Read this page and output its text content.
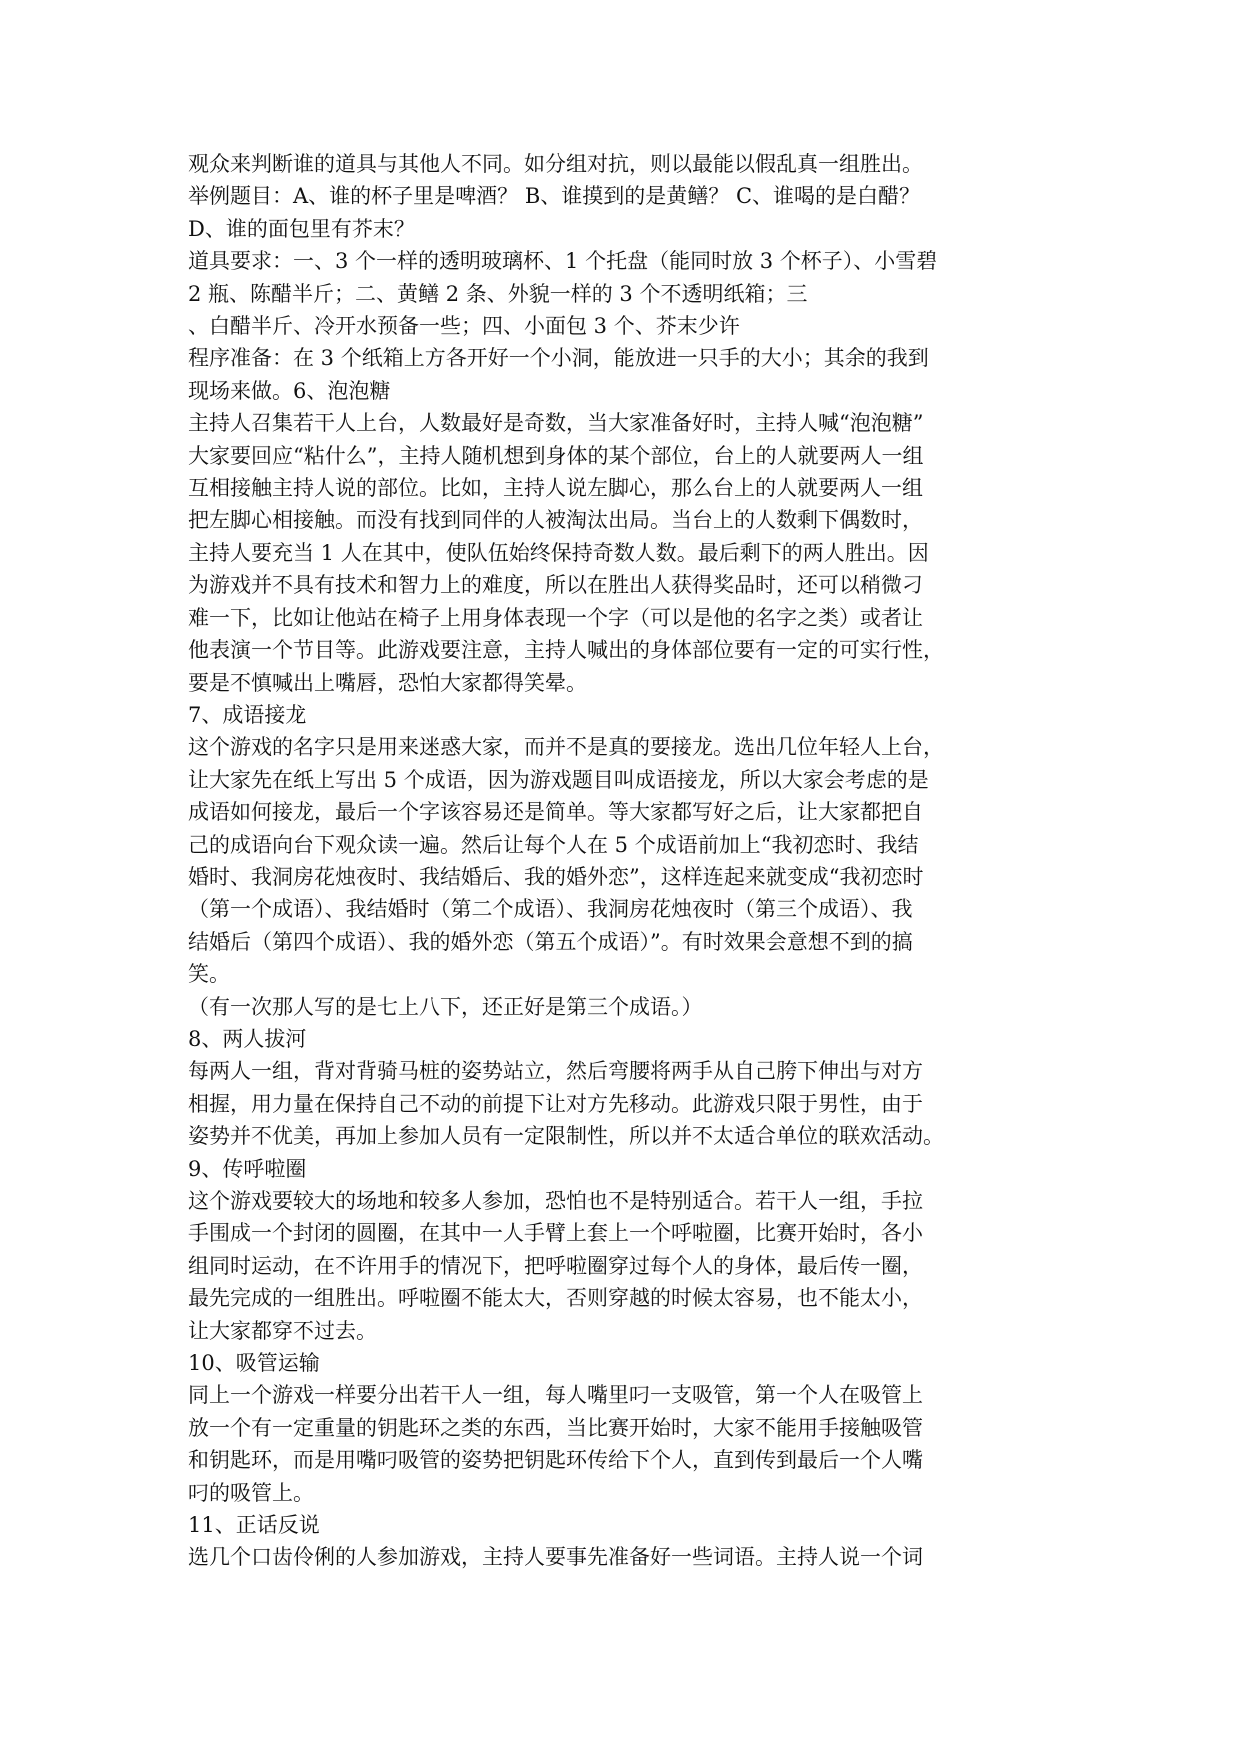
观众来判断谁的道具与其他人不同。如分组对抗，则以最能以假乱真一组胜出。
举例题目：A、谁的杯子里是啤酒？ B、谁摸到的是黄鳝？ C、谁喝的是白醋？
D、谁的面包里有芥末？
道具要求：一、3 个一样的透明玻璃杯、1 个托盘（能同时放 3 个杯子）、小雪碧
2 瓶、陈醋半斤；二、黄鳝 2 条、外貌一样的 3 个不透明纸箱；三
、白醋半斤、冷开水预备一些；四、小面包 3 个、芥末少许
程序准备：在 3 个纸箱上方各开好一个小洞，能放进一只手的大小；其余的我到
现场来做。6、泡泡糖
主持人召集若干人上台，人数最好是奇数，当大家准备好时，主持人喊“泡泡糖”
大家要回应“粘什么”，主持人随机想到身体的某个部位，台上的人就要两人一组
互相接触主持人说的部位。比如，主持人说左脚心，那么台上的人就要两人一组
把左脚心相接触。而没有找到同伴的人被淘汰出局。当台上的人数剩下偶数时，
主持人要充当 1 人在其中，使队伍始终保持奇数人数。最后剩下的两人胜出。因
为游戏并不具有技术和智力上的难度，所以在胜出人获得奖品时，还可以稍微刁
难一下，比如让他站在椅子上用身体表现一个字（可以是他的名字之类）或者让
他表演一个节目等。此游戏要注意，主持人喊出的身体部位要有一定的可实行性，
要是不慎喊出上嘴唇，恐怕大家都得笑晕。
7、成语接龙
这个游戏的名字只是用来迷惑大家，而并不是真的要接龙。选出几位年轻人上台，
让大家先在纸上写出 5 个成语，因为游戏题目叫成语接龙，所以大家会考虑的是
成语如何接龙，最后一个字该容易还是简单。等大家都写好之后，让大家都把自
己的成语向台下观众读一遍。然后让每个人在 5 个成语前加上“我初恋时、我结
婚时、我洞房花烛夜时、我结婚后、我的婚外恋”，这样连起来就变成“我初恋时
（第一个成语）、我结婚时（第二个成语）、我洞房花烛夜时（第三个成语）、我
结婚后（第四个成语）、我的婚外恋（第五个成语）”。有时效果会意想不到的搞
笑。
（有一次那人写的是七上八下，还正好是第三个成语。）
8、两人拔河
每两人一组，背对背骑马桩的姿势站立，然后弯腰将两手从自己胯下伸出与对方
相握，用力量在保持自己不动的前提下让对方先移动。此游戏只限于男性，由于
姿势并不优美，再加上参加人员有一定限制性，所以并不太适合单位的联欢活动。
9、传呼啦圈
这个游戏要较大的场地和较多人参加，恐怕也不是特别适合。若干人一组，手拉
手围成一个封闭的圆圈，在其中一人手臂上套上一个呼啦圈，比赛开始时，各小
组同时运动，在不许用手的情况下，把呼啦圈穿过每个人的身体，最后传一圈，
最先完成的一组胜出。呼啦圈不能太大，否则穿越的时候太容易，也不能太小，
让大家都穿不过去。
10、吸管运输
同上一个游戏一样要分出若干人一组，每人嘴里叼一支吸管，第一个人在吸管上
放一个有一定重量的钥匙环之类的东西，当比赛开始时，大家不能用手接触吸管
和钥匙环，而是用嘴叼吸管的姿势把钥匙环传给下个人，直到传到最后一个人嘴
叼的吸管上。
11、正话反说
选几个口齿伶俐的人参加游戏，主持人要事先准备好一些词语。主持人说一个词
